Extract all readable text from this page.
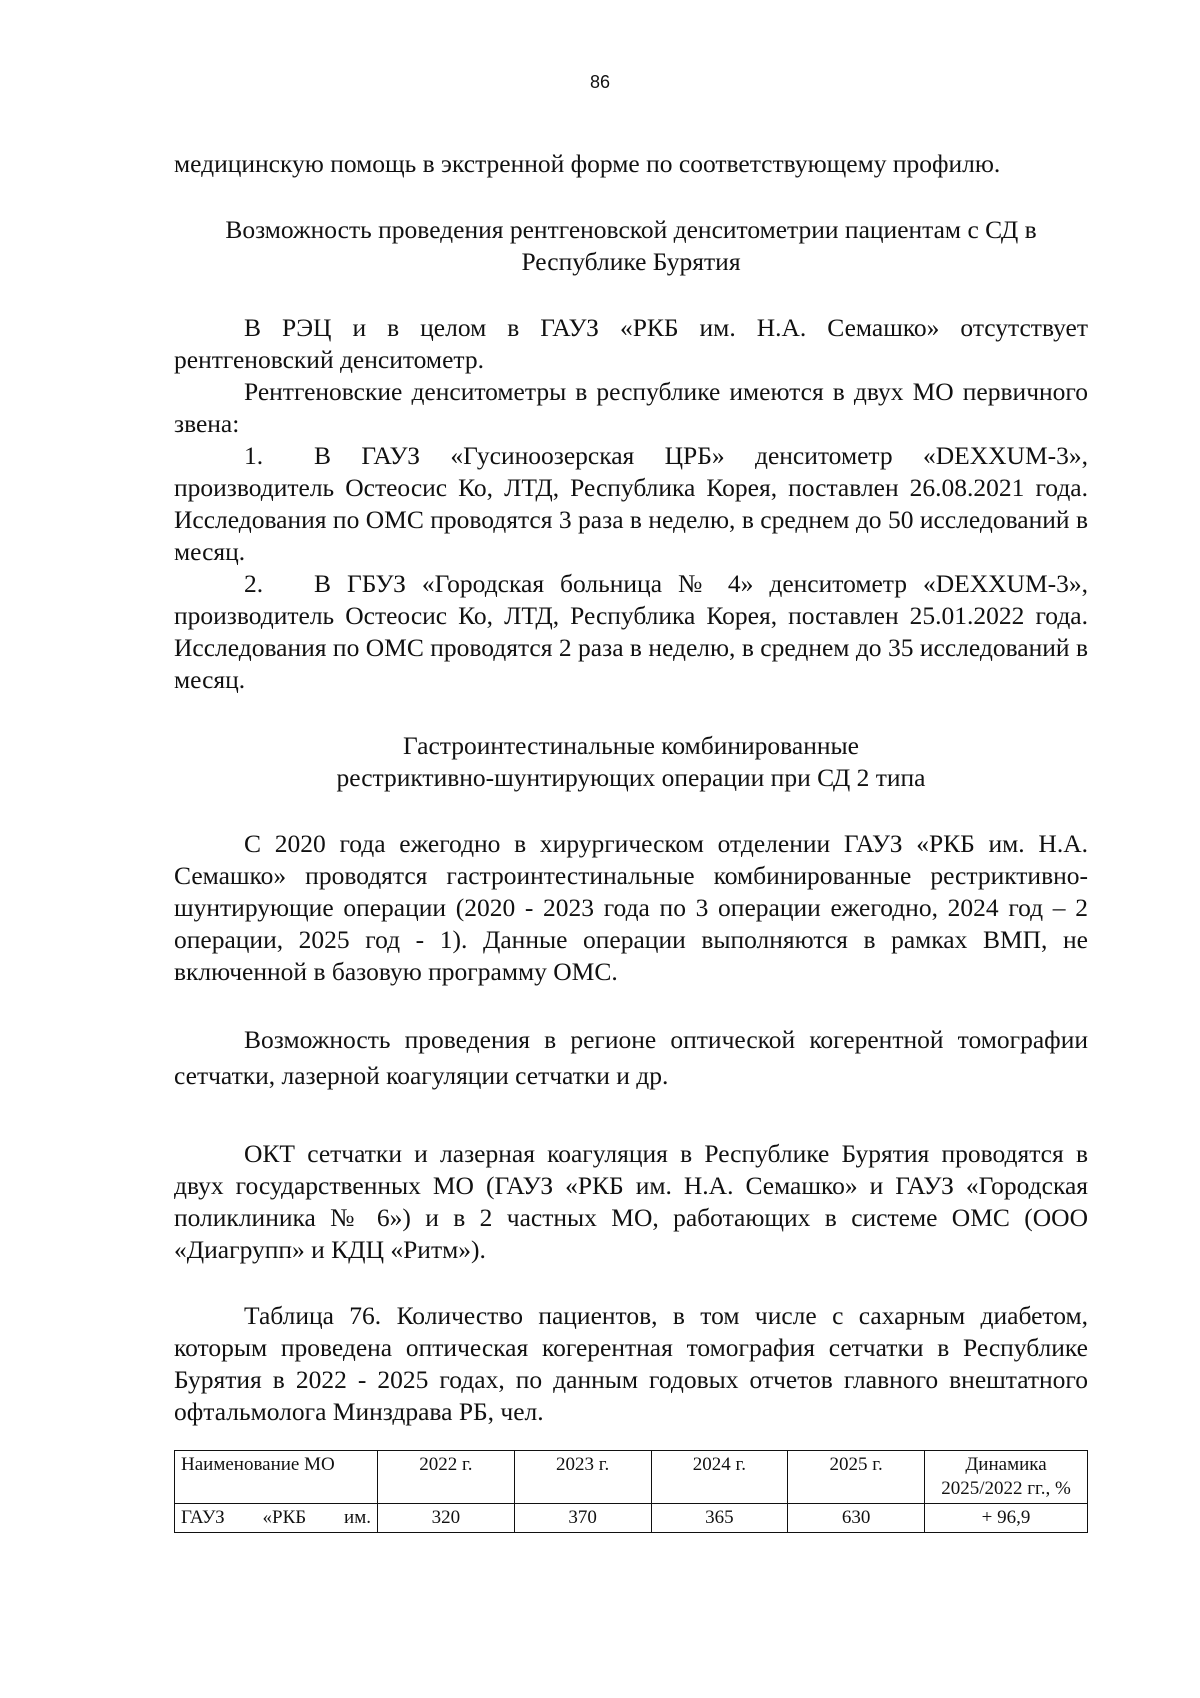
86

медицинскую помощь в экстренной форме по соответствующему профилю.

Возможность проведения рентгеновской денситометрии пациентам с СД в Республике Бурятия

В РЭЦ и в целом в ГАУЗ «РКБ им. Н.А. Семашко» отсутствует рентгеновский денситометр.

Рентгеновские денситометры в республике имеются в двух МО первичного звена:

1. В ГАУЗ «Гусиноозерская ЦРБ» денситометр «DEXXUM-3», производитель Остеосис Ко, ЛТД, Республика Корея, поставлен 26.08.2021 года. Исследования по ОМС проводятся 3 раза в неделю, в среднем до 50 исследований в месяц.

2. В ГБУЗ «Городская больница № 4» денситометр «DEXXUM-3», производитель Остеосис Ко, ЛТД, Республика Корея, поставлен 25.01.2022 года. Исследования по ОМС проводятся 2 раза в неделю, в среднем до 35 исследований в месяц.

Гастроинтестинальные комбинированные рестриктивно-шунтирующих операции при СД 2 типа

С 2020 года ежегодно в хирургическом отделении ГАУЗ «РКБ им. Н.А. Семашко» проводятся гастроинтестинальные комбинированные рестриктивно-шунтирующие операции (2020 - 2023 года по 3 операции ежегодно, 2024 год – 2 операции, 2025 год - 1). Данные операции выполняются в рамках ВМП, не включенной в базовую программу ОМС.

Возможность проведения в регионе оптической когерентной томографии сетчатки, лазерной коагуляции сетчатки и др.

ОКТ сетчатки и лазерная коагуляция в Республике Бурятия проводятся в двух государственных МО (ГАУЗ «РКБ им. Н.А. Семашко» и ГАУЗ «Городская поликлиника № 6») и в 2 частных МО, работающих в системе ОМС (ООО «Диагрупп» и КДЦ «Ритм»).

Таблица 76. Количество пациентов, в том числе с сахарным диабетом, которым проведена оптическая когерентная томография сетчатки в Республике Бурятия в 2022 - 2025 годах, по данным годовых отчетов главного внештатного офтальмолога Минздрава РБ, чел.

Наименование МО	2022 г.	2023 г.	2024 г.	2025 г.	Динамика 2025/2022 гг., %
ГАУЗ «РКБ им.	320	370	365	630	+ 96,9
